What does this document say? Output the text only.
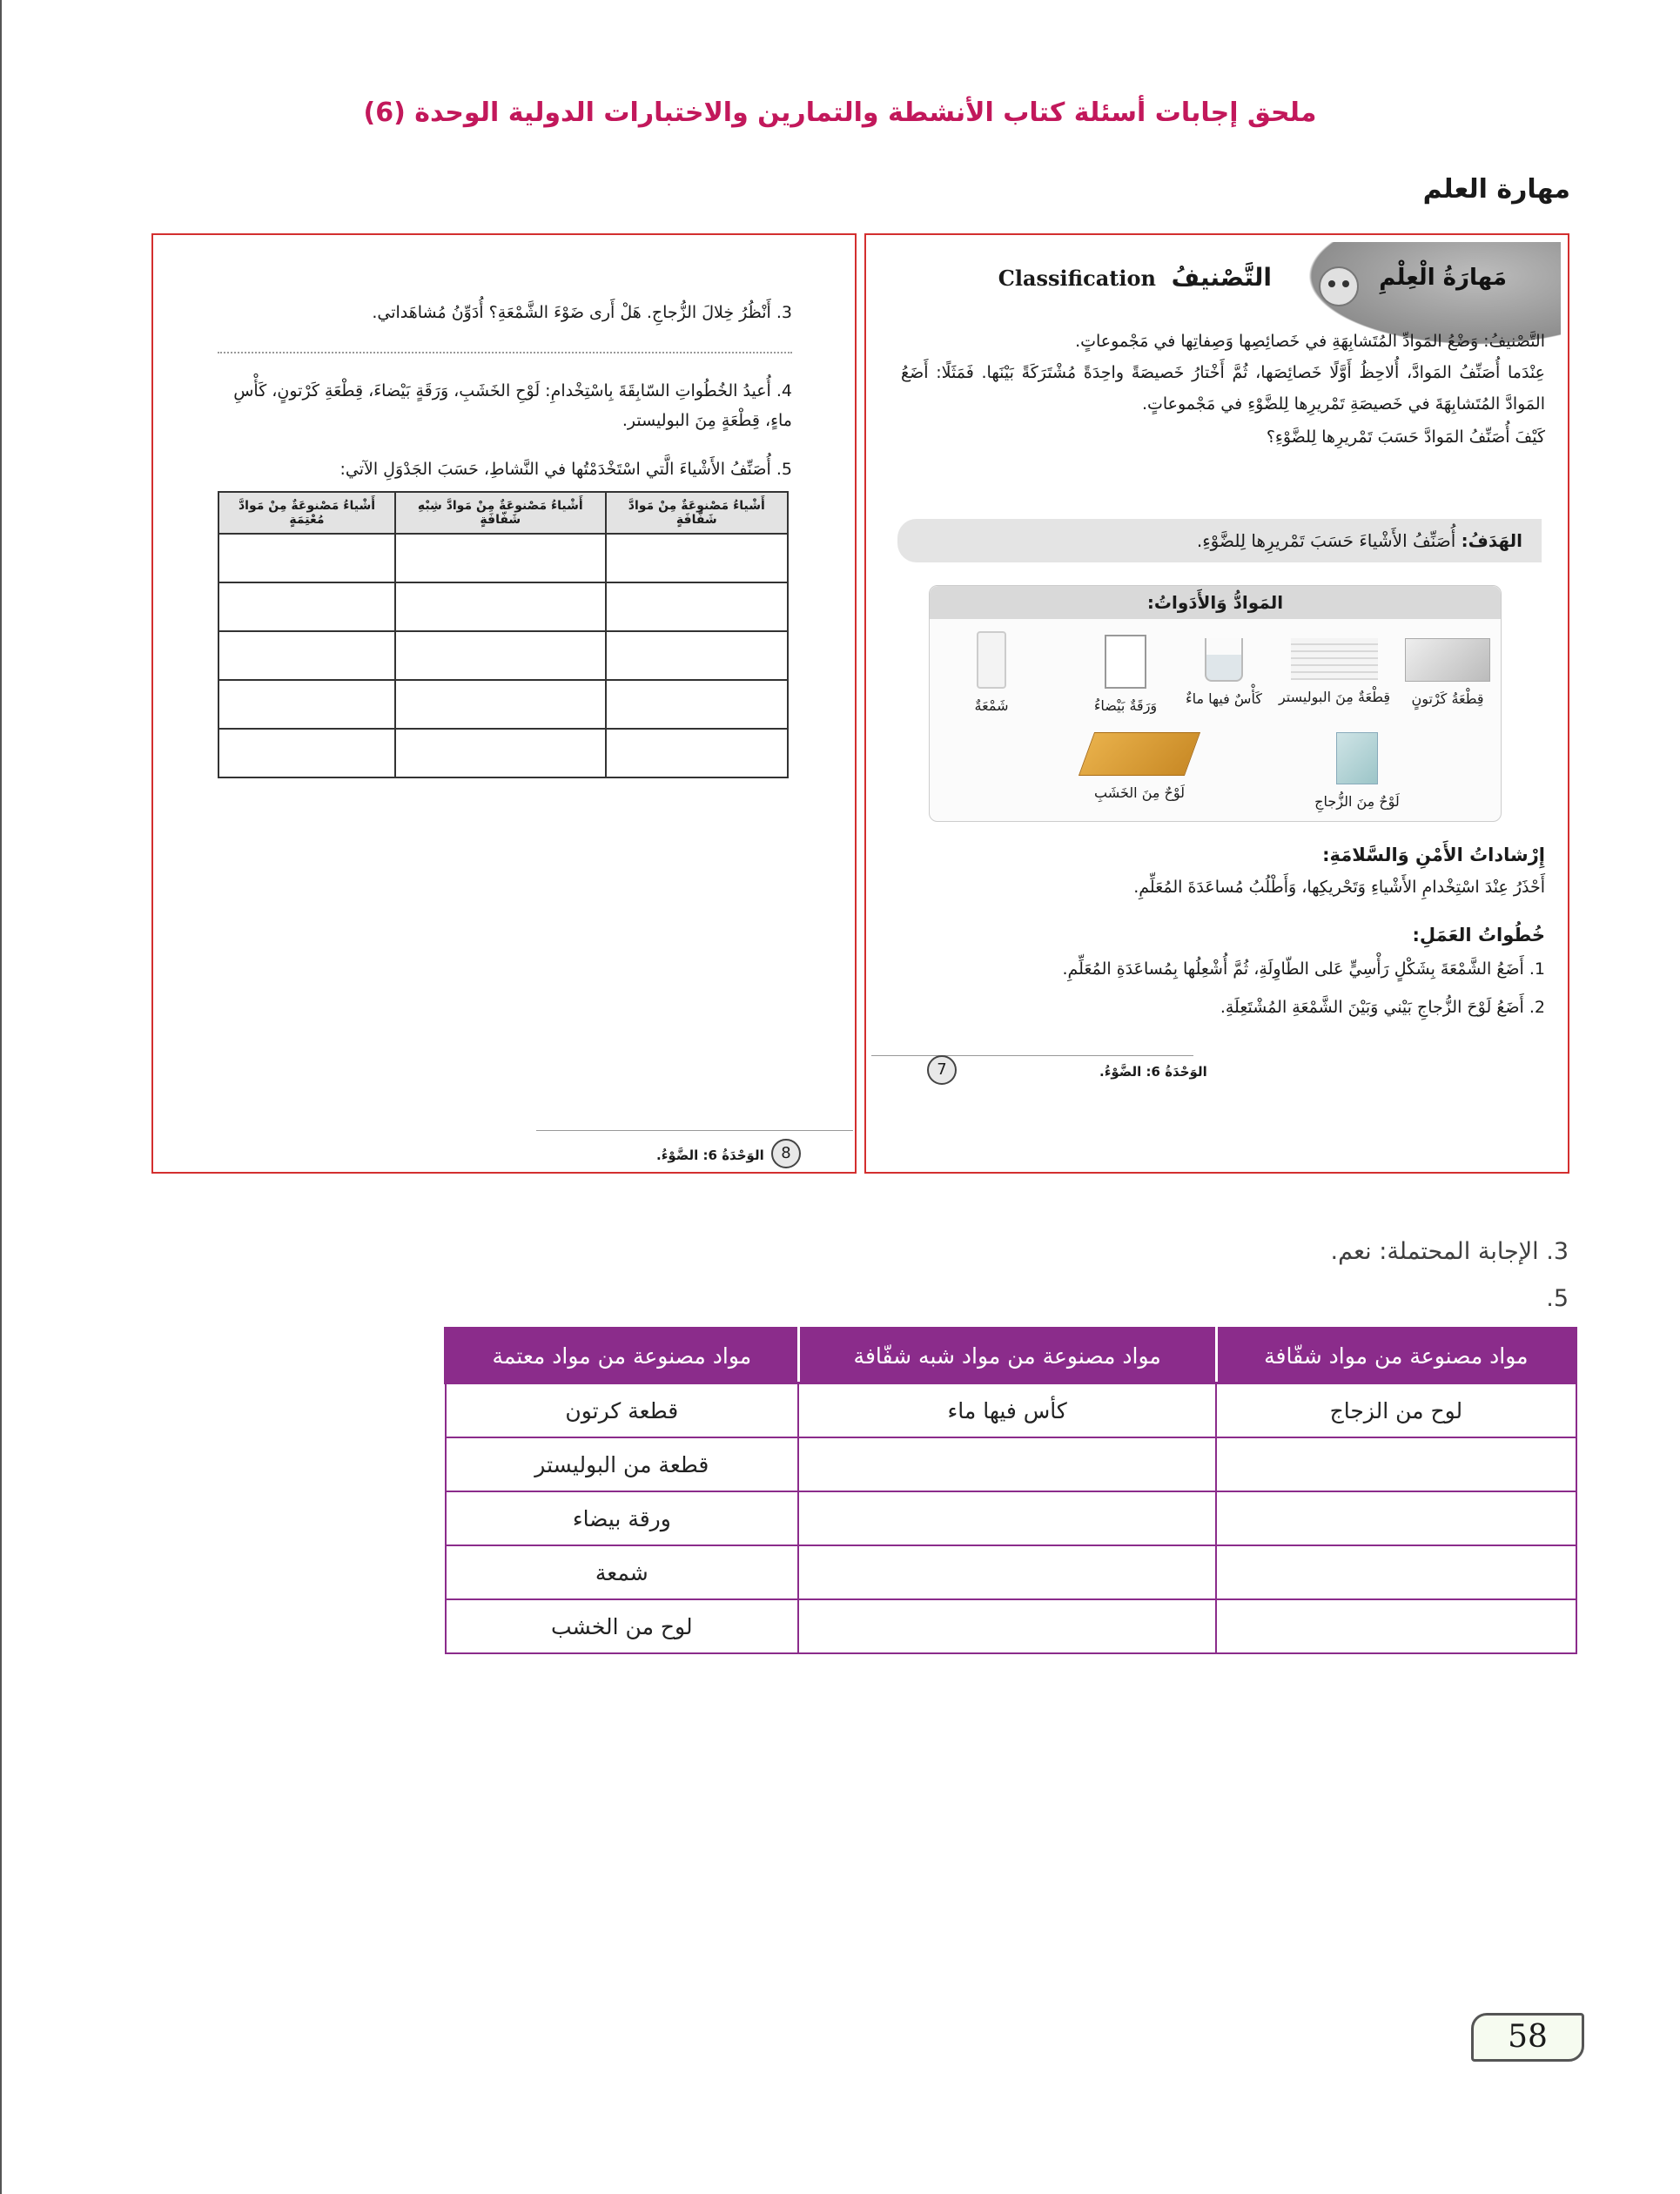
ملحق إجابات أسئلة كتاب الأنشطة والتمارين والاختبارات الدولية الوحدة (6)
مهارة العلم
مَهارَةُ الْعِلْمِ
التَّصْنيفُ Classification
التَّصْنيفُ: وَضْعُ المَوادِّ المُتَشابِهَةِ في خَصائِصِها وَصِفاتِها في مَجْموعاتٍ.
عِنْدَما أُصَنِّفُ المَوادَّ، أُلاحِظُ أَوَّلًا خَصائِصَها، ثُمَّ أَخْتارُ خَصيصَةً واحِدَةً مُشْتَرَكَةً بَيْنَها. فَمَثَلًا: أَضَعُ المَوادَّ المُتَشابِهَةَ في خَصيصَةِ تَمْريرِها لِلضَّوْءِ في مَجْموعاتٍ.
كَيْفَ أُصَنِّفُ المَوادَّ حَسَبَ تَمْريرِها لِلضَّوْءِ؟
الهَدَفُ: أُصَنِّفُ الأَشْياءَ حَسَبَ تَمْريرِها لِلضَّوْءِ.
المَوادُّ وَالأَدَواتُ:
قِطْعَةُ كَرْتونٍ
قِطْعَةٌ مِنَ البوليستر
كَأْسٌ فيها ماءٌ
وَرَقَةٌ بَيْضاءُ
شَمْعَةٌ
لَوْحٌ مِنَ الزُّجاجِ
لَوْحٌ مِنَ الخَشَبِ
إِرْشاداتُ الأَمْنِ وَالسَّلامَةِ:
أَحْذَرُ عِنْدَ اسْتِخْدامِ الأَشْياءِ وَتَحْريكِها، وَأَطْلُبُ مُساعَدَةَ المُعَلِّمِ.
خُطُواتُ العَمَلِ:
1. أَضَعُ الشَّمْعَةَ بِشَكْلٍ رَأْسِيٍّ عَلى الطّاوِلَةِ، ثُمَّ أُشْعِلُها بِمُساعَدَةِ المُعَلِّمِ.
2. أَضَعُ لَوْحَ الزُّجاجِ بَيْني وَبَيْنَ الشَّمْعَةِ المُشْتَعِلَةِ.
7	الوَحْدَةُ 6: الضَّوْءُ.
3. أَنْظُرُ خِلالَ الزُّجاجِ. هَلْ أَرى ضَوْءَ الشَّمْعَةِ؟ أُدَوِّنُ مُشاهَداتي.
4. أُعيدُ الخُطُواتِ السّابِقَةَ بِاسْتِخْدامِ: لَوْحِ الخَشَبِ، وَرَقَةٍ بَيْضاءَ، قِطْعَةِ كَرْتونٍ، كَأْسِ ماءٍ، قِطْعَةٍ مِنَ البوليستر.
5. أُصَنِّفُ الأَشْياءَ الَّتي اسْتَخْدَمْتُها في النَّشاطِ، حَسَبَ الجَدْوَلِ الآتي:
أَشْياءُ مَصْنوعَةٌ مِنْ مَوادَّ شَفّافَةٍ	أَشْياءُ مَصْنوعَةٌ مِنْ مَوادَّ شِبْهِ شَفّافَةٍ	أَشْياءُ مَصْنوعَةٌ مِنْ مَوادَّ مُعْتِمَةٍ

8
الوَحْدَةُ 6: الضَّوْءُ.
3. الإجابة المحتملة: نعم.
5.
مواد مصنوعة من مواد شفّافة	مواد مصنوعة من مواد شبه شفّافة	مواد مصنوعة من مواد معتمة
لوح من الزجاج	كأس فيها ماء	قطعة كرتون
		قطعة من البوليستر
		ورقة بيضاء
		شمعة
		لوح من الخشب
58
